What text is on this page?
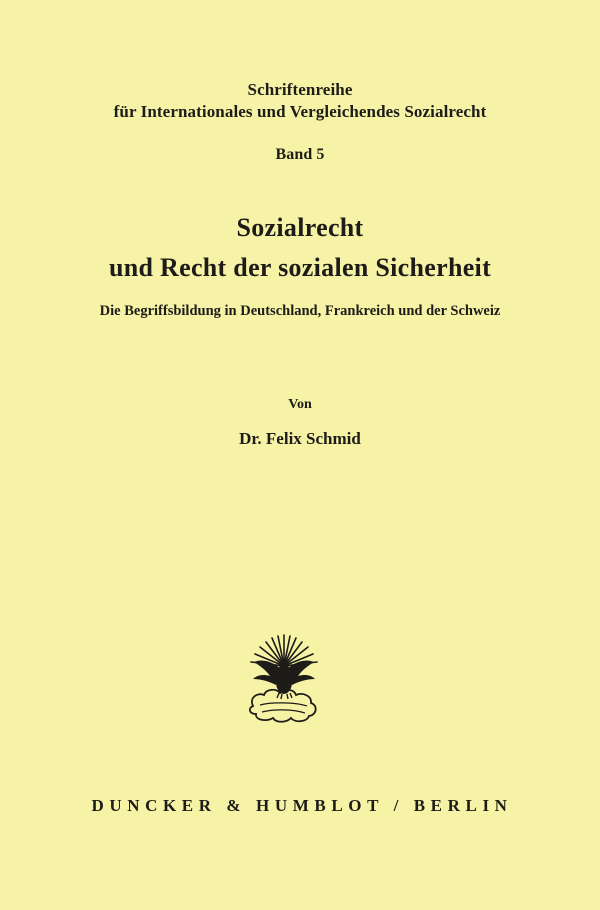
Schriftenreihe
für Internationales und Vergleichendes Sozialrecht
Band 5
Sozialrecht
und Recht der sozialen Sicherheit
Die Begriffsbildung in Deutschland, Frankreich und der Schweiz
Von
Dr. Felix Schmid
DUNCKER & HUMBLOT / BERLIN
